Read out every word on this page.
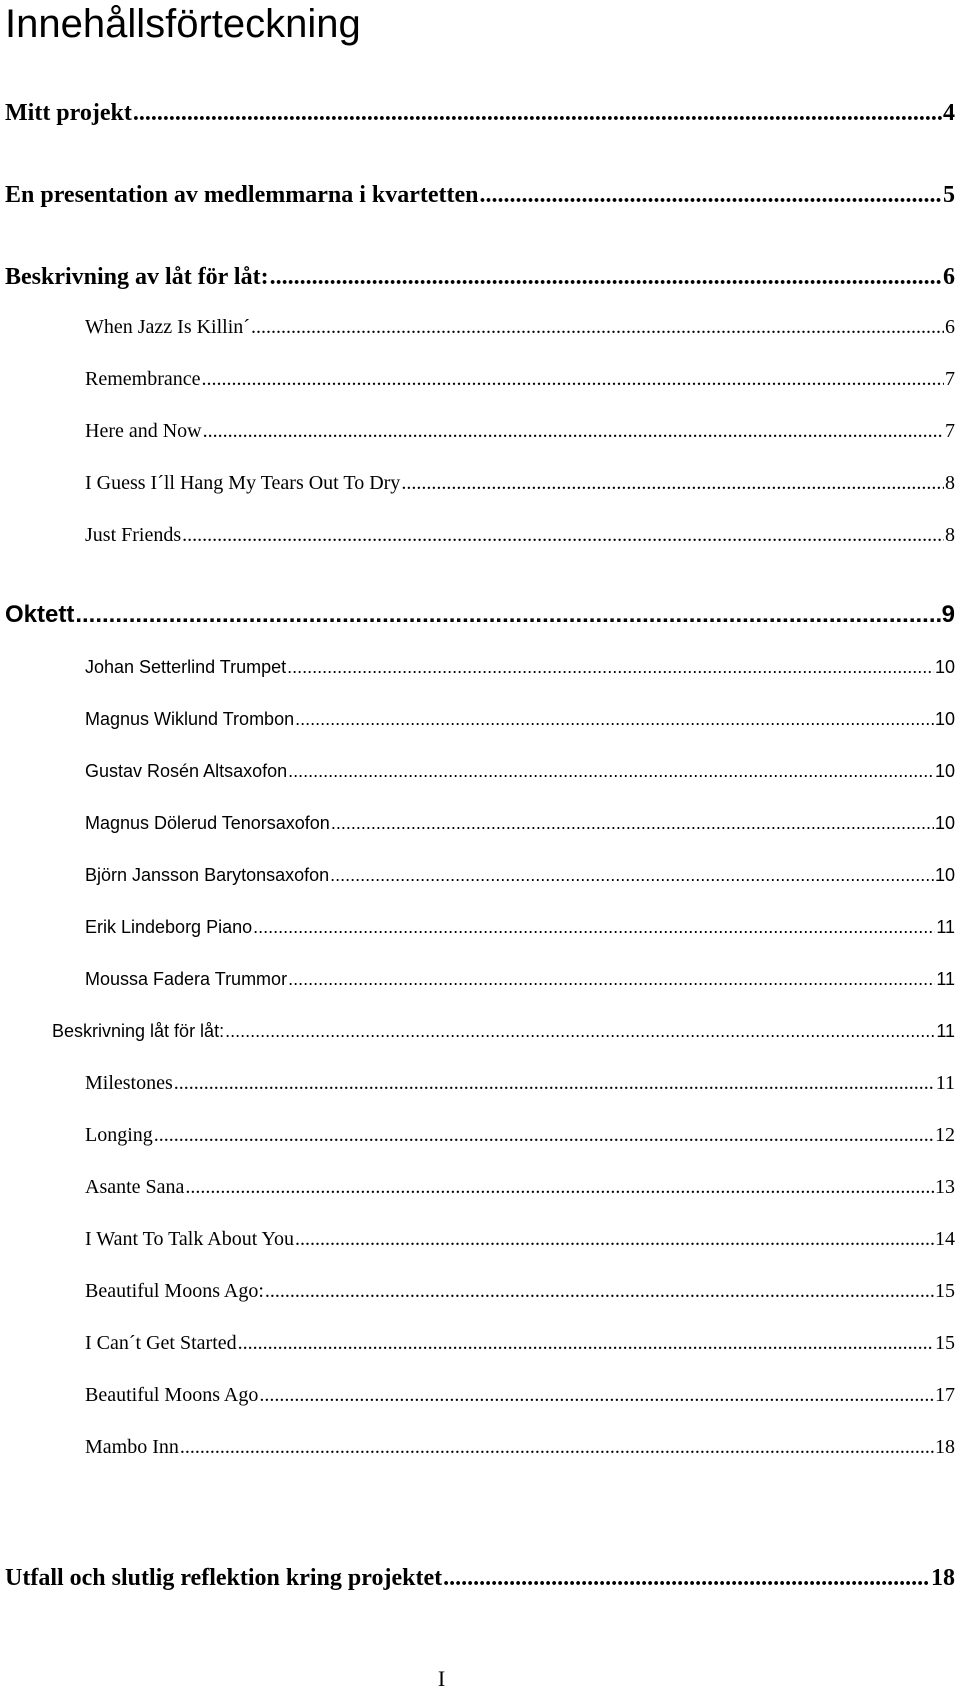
Innehållsförteckning
Mitt projekt .....	4
En presentation av medlemmarna i kvartetten .....	5
Beskrivning av låt för låt: .....	6
When Jazz Is Killin´ .....	6
Remembrance .....	7
Here and Now .....	7
I Guess I´ll Hang My Tears Out To Dry .....	8
Just Friends .....	8
Oktett .....	9
Johan Setterlind Trumpet .....	10
Magnus Wiklund Trombon .....	10
Gustav Rosén Altsaxofon .....	10
Magnus Dölerud Tenorsaxofon .....	10
Björn Jansson Barytonsaxofon .....	10
Erik Lindeborg Piano .....	11
Moussa Fadera Trummor .....	11
Beskrivning låt för låt: .....	11
Milestones .....	11
Longing .....	12
Asante Sana .....	13
I Want To Talk About You .....	14
Beautiful Moons Ago: .....	15
I Can´t Get Started .....	15
Beautiful Moons Ago .....	17
Mambo Inn .....	18
Utfall och slutlig reflektion kring projektet .....	18
I
